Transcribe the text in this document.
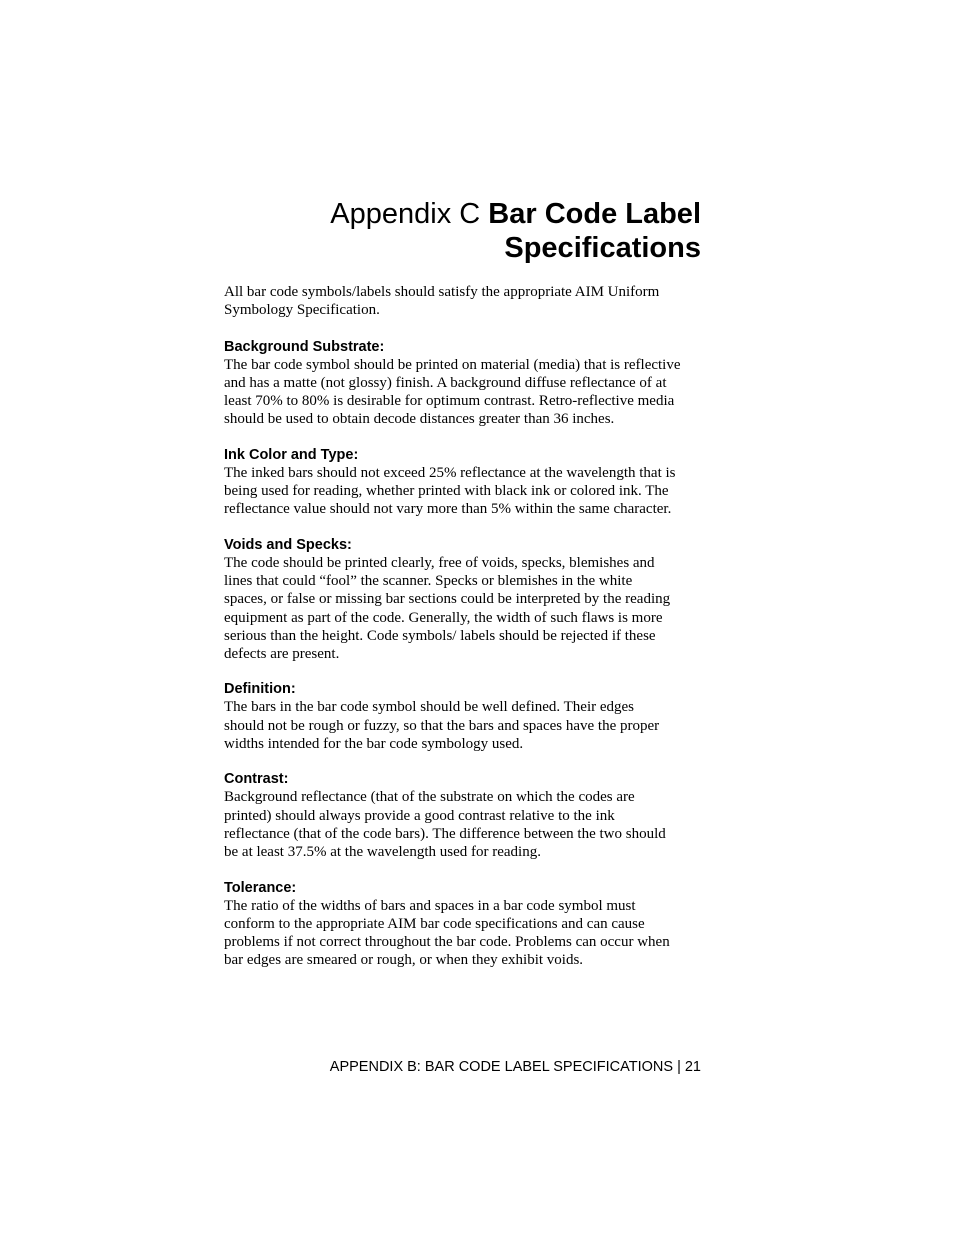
Appendix C Bar Code Label Specifications

All bar code symbols/labels should satisfy the appropriate AIM Uniform
Symbology Specification.

Background Substrate:

The bar code symbol should be printed on material (media) that is reflective
and has a matte (not glossy) finish. A background diffuse reflectance of at
least 70% to 80% is desirable for optimum contrast. Retro-reflective media
should be used to obtain decode distances greater than 36 inches.

Ink Color and Type:

The inked bars should not exceed 25% reflectance at the wavelength that is
being used for reading, whether printed with black ink or colored ink. The
reflectance value should not vary more than 5% within the same character.

Voids and Specks:

The code should be printed clearly, free of voids, specks, blemishes and
lines that could “fool” the scanner. Specks or blemishes in the white
spaces, or false or missing bar sections could be interpreted by the reading
equipment as part of the code. Generally, the width of such flaws is more
serious than the height. Code symbols/ labels should be rejected if these
defects are present.

Definition:

The bars in the bar code symbol should be well defined. Their edges
should not be rough or fuzzy, so that the bars and spaces have the proper
widths intended for the bar code symbology used.

Contrast:

Background reflectance (that of the substrate on which the codes are
printed) should always provide a good contrast relative to the ink
reflectance (that of the code bars). The difference between the two should
be at least 37.5% at the wavelength used for reading.

Tolerance:

The ratio of the widths of bars and spaces in a bar code symbol must
conform to the appropriate AIM bar code specifications and can cause
problems if not correct throughout the bar code. Problems can occur when
bar edges are smeared or rough, or when they exhibit voids.

APPENDIX B: BAR CODE LABEL SPECIFICATIONS | 21
